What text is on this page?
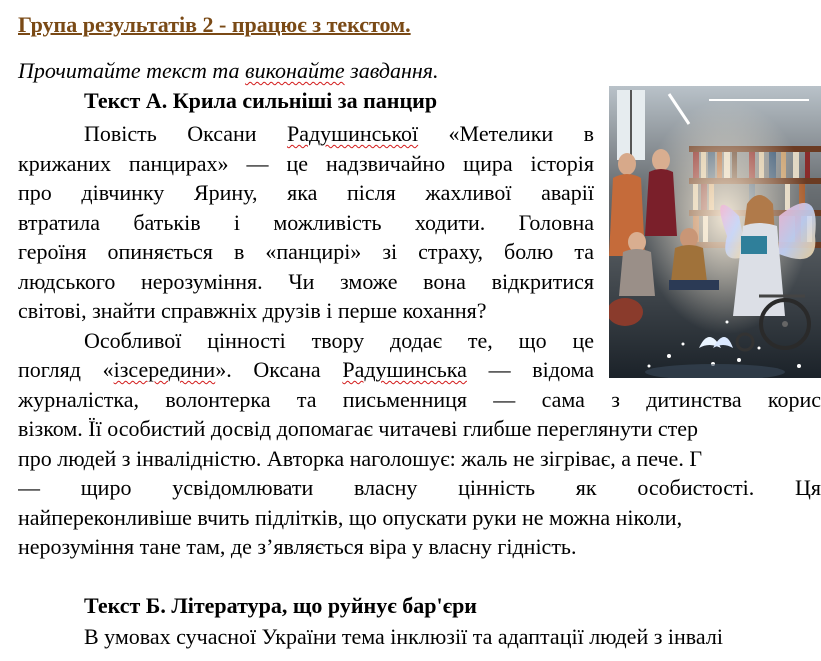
Група результатів 2 - працює з текстом.
Прочитайте текст та виконайте завдання.
Текст А. Крила сильніші за панцир
Повість Оксани Радушинської «Метелики в
крижаних панцирах» — це надзвичайно щира історія
про дівчинку Ярину, яка після жахливої аварії
втратила батьків і можливість ходити. Головна
героїня опиняється в «панцирі» зі страху, болю та
людського нерозуміння. Чи зможе вона відкритися
світові, знайти справжніх друзів і перше кохання?
Особливої цінності твору додає те, що це
погляд «ізсередини». Оксана Радушинська — відома
журналістка, волонтерка та письменниця — сама з дитинства корис
візком. Її особистий досвід допомагає читачеві глибше переглянути стер
про людей з інвалідністю. Авторка наголошує: жаль не зігріває, а пече. Г
— щиро усвідомлювати власну цінність як особистості. Ця
найпереконливіше вчить підлітків, що опускати руки не можна ніколи,
нерозуміння тане там, де з’являється віра у власну гідність.
Текст Б. Література, що руйнує бар'єри
В умовах сучасної України тема інклюзії та адаптації людей з інвалі
